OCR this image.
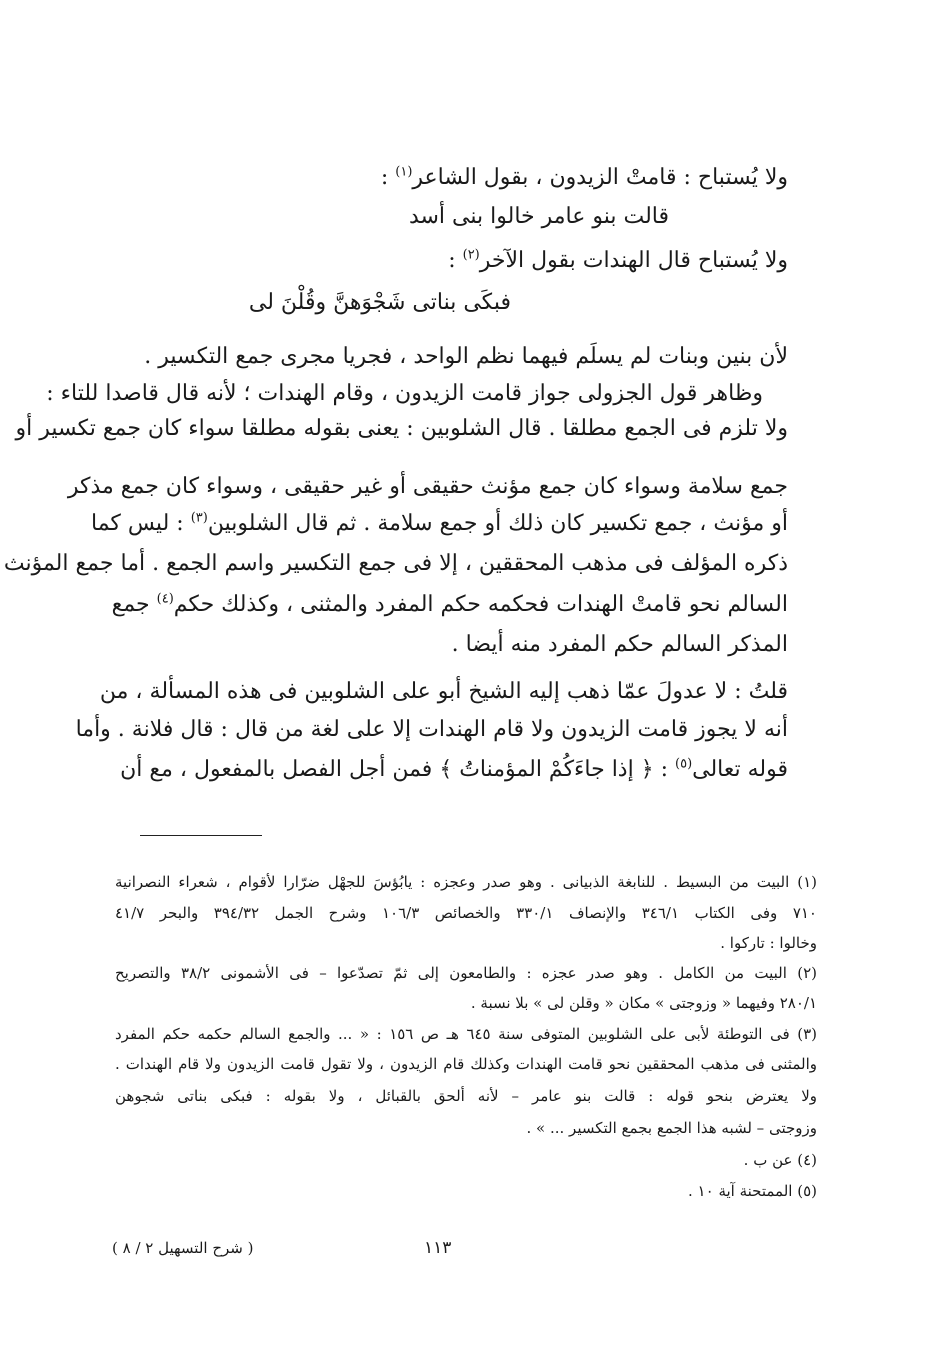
ولا يُستباح : قامتْ الزيدون ، بقول الشاعر$^{(١)}$ :
قالت بنو عامر خالوا بنى أسد
ولا يُستباح قال الهندات بقول الآخر$^{(٢)}$ :
فبكَى بناتى شَجْوَهنَّ وقُلْنَ لى
لأن بنين وبنات لم يسلَم فيهما نظم الواحد ، فجريا مجرى جمع التكسير .
وظاهر قول الجزولى جواز قامت الزيدون ، وقام الهندات ؛ لأنه قال قاصدا للتاء :
ولا تلزم فى الجمع مطلقا . قال الشلوبين : يعنى بقوله مطلقا سواء كان جمع تكسير أو
جمع سلامة وسواء كان جمع مؤنث حقيقى أو غير حقيقى ، وسواء كان جمع مذكر
أو مؤنث ، جمع تكسير كان ذلك أو جمع سلامة . ثم قال الشلوبين$^{(٣)}$ : ليس كما
ذكره المؤلف فى مذهب المحققين ، إلا فى جمع التكسير واسم الجمع . أما جمع المؤنث
السالم نحو قامتْ الهندات فحكمه حكم المفرد والمثنى ، وكذلك حكم$^{(٤)}$ جمع
المذكر السالم حكم المفرد منه أيضا .
قلتُ : لا عدولَ عمّا ذهب إليه الشيخ أبو على الشلوبين فى هذه المسألة ، من
أنه لا يجوز قامت الزيدون ولا قام الهندات إلا على لغة من قال : قال فلانة . وأما
قوله تعالى$^{(٥)}$ : ﴿ إذا جاءَكُمْ المؤمناتُ ﴾ فمن أجل الفصل بالمفعول ، مع أن
(١) البيت من البسيط . للنابغة الذبيانى . وهو صدر وعجزه : يابُؤسَ للجهْل ضرّارا لأقوام ، شعراء النصرانية
٧١٠ وفى الكتاب ٣٤٦/١ والإنصاف ٣٣٠/١ والخصائص ١٠٦/٣ وشرح الجمل ٣٩٤/٣٢ والبحر ٤١/٧
وخالوا : تاركوا .
(٢) البيت من الكامل . وهو صدر عجزه : والطامعون إلى ثمّ تصدّعوا – فى الأشمونى ٣٨/٢ والتصريح
٢٨٠/١ وفيهما « وزوجتى » مكان « وقلن لى » بلا نسبة .
(٣) فى التوطئة لأبى على الشلوبين المتوفى سنة ٦٤٥ هـ ص ١٥٦ : « ... والجمع السالم حكمه حكم المفرد
والمثنى فى مذهب المحققين نحو قامت الهندات وكذلك قام الزيدون ، ولا تقول قامت الزيدون ولا قام الهندات .
ولا يعترض بنحو قوله : قالت بنو عامر – لأنه ألحق بالقبائل ، ولا بقوله : فبكى بناتى شجوهن
وزوجتى – لشبه هذا الجمع بجمع التكسير ... » .
(٤) عن ب .
(٥) الممتحنة آية ١٠ .
١١٣
( شرح التسهيل ٢ / ٨ )
